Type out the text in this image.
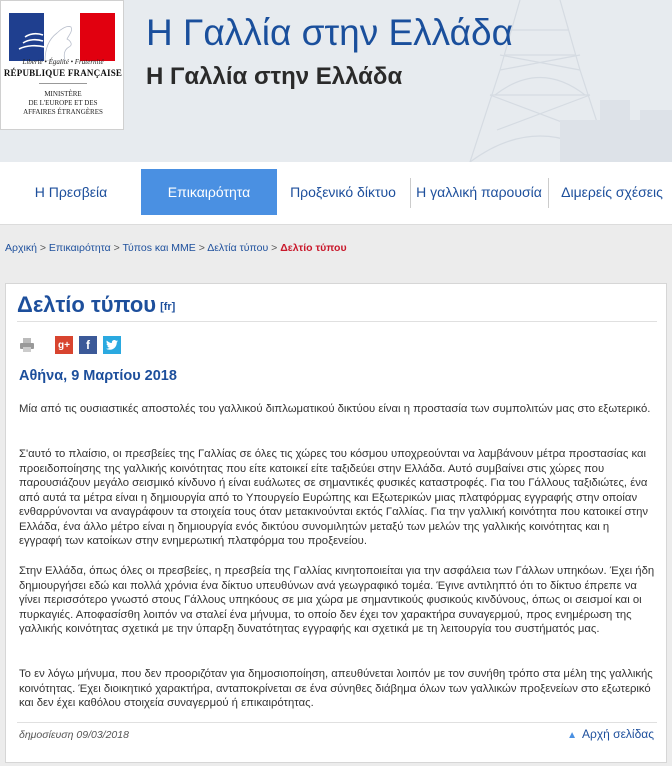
Liberté • Égalité • Fraternité
RÉPUBLIQUE FRANÇAISE
MINISTÈRE
DE L'EUROPE ET DES
AFFAIRES ÉTRANGÈRES
Η Γαλλία στην Ελλάδα
Η Γαλλία στην Ελλάδα
Η Πρεσβεία	Επικαιρότητα	Προξενικό δίκτυο	Η γαλλική παρουσία	Διμερείς σχέσεις
Αρχική > Επικαιρότητα > Τύποs και ΜΜΕ > Δελτία τύπου > Δελτίο τύπου
Δελτίο τύπου [fr]
g+	f
Αθήνα, 9 Μαρτίου 2018

Μία από τις ουσιαστικές αποστολές του γαλλικού διπλωματικού δικτύου είναι η προστασία των συμπολιτών μας στο εξωτερικό.

Σ'αυτό το πλαίσιο, οι πρεσβείες της Γαλλίας σε όλες τις χώρες του κόσμου υποχρεούνται να λαμβάνουν μέτρα προστασίας και προειδοποίησης της γαλλικής κοινότητας που είτε κατοικεί είτε ταξιδεύει στην Ελλάδα. Αυτό συμβαίνει στις χώρες που παρουσιάζουν μεγάλο σεισμικό κίνδυνο ή είναι ευάλωτες σε σημαντικές φυσικές καταστροφές. Για του Γάλλους ταξιδιώτες, ένα από αυτά τα μέτρα είναι η δημιουργία από το Υπουργείο Ευρώπης και Εξωτερικών μιας πλατφόρμας εγγραφής στην οποίαν ενθαρρύνονται να αναγράφουν τα στοιχεία τους όταν μετακινούνται εκτός Γαλλίας. Για την γαλλική κοινότητα που κατοικεί στην Ελλάδα, ένα άλλο μέτρο είναι η δημιουργία ενός δικτύου συνομιλητών μεταξύ των μελών της γαλλικής κοινότητας και η εγγραφή των κατοίκων στην ενημερωτική πλατφόρμα του προξενείου.

Στην Ελλάδα, όπως όλες οι πρεσβείες, η πρεσβεία της Γαλλίας κινητοποιείται για την ασφάλεια των Γάλλων υπηκόων. Έχει ήδη δημιουργήσει εδώ και πολλά χρόνια ένα δίκτυο υπευθύνων ανά γεωγραφικό τομέα. Έγινε αντιληπτό ότι το δίκτυο έπρεπε να γίνει περισσότερο γνωστό στους Γάλλους υπηκόους σε μια χώρα με σημαντικούς φυσικούς κινδύνους, όπως οι σεισμοί και οι πυρκαγιές. Αποφασίσθη λοιπόν να σταλεί ένα μήνυμα, το οποίο δεν έχει τον χαρακτήρα συναγερμού, προς ενημέρωση της γαλλικής κοινότητας σχετικά με την ύπαρξη δυνατότητας εγγραφής και σχετικά με τη λειτουργία του συστήματός μας.

Το εν λόγω μήνυμα, που δεν προοριζόταν για δημοσιοποίηση, απευθύνεται λοιπόν με τον συνήθη τρόπο στα μέλη της γαλλικής κοινότητας. Έχει διοικητικό χαρακτήρα, ανταποκρίνεται σε ένα σύνηθες διάβημα όλων των γαλλικών προξενείων στο εξωτερικό και δεν έχει καθόλου στοιχεία συναγερμού ή επικαιρότητας.

δημοσίευση 09/03/2018	▲ Αρχή σελίδας
